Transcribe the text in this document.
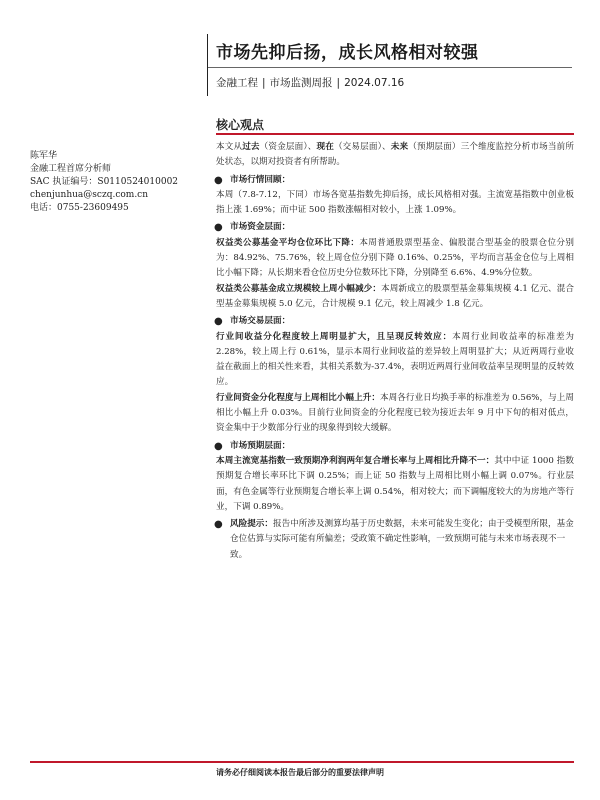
市场先抑后扬，成长风格相对较强
金融工程 | 市场监测周报 | 2024.07.16
核心观点
陈军华
金融工程首席分析师
SAC 执证编号：S0110524010002
chenjunhua@sczq.com.cn
电话：0755-23609495

本文从过去（资金层面）、现在（交易层面）、未来（预期层面）三个维度监控分析市场当前所处状态，以期对投资者有所帮助。

● 市场行情回顾：

本周（7.8-7.12，下同）市场各宽基指数先抑后扬，成长风格相对强。主流宽基指数中创业板指上涨 1.69%；而中证 500 指数涨幅相对较小，上涨 1.09%。

● 市场资金层面：

权益类公募基金平均仓位环比下降：本周普通股票型基金、偏股混合型基金的股票仓位分别为：84.92%、75.76%，较上周仓位分别下降 0.16%、0.25%，平均而言基金仓位与上周相比小幅下降；从长期来看仓位历史分位数环比下降，分别降至 6.6%、4.9%分位数。

权益类公募基金成立规模较上周小幅减少：本周新成立的股票型基金募集规模 4.1 亿元、混合型基金募集规模 5.0 亿元，合计规模 9.1 亿元，较上周减少 1.8 亿元。

● 市场交易层面：

行业间收益分化程度较上周明显扩大，且呈现反转效应：本周行业间收益率的标准差为 2.28%，较上周上行 0.61%，显示本周行业间收益的差异较上周明显扩大；从近两周行业收益在截面上的相关性来看，其相关系数为-37.4%，表明近两周行业间收益率呈现明显的反转效应。

行业间资金分化程度与上周相比小幅上升：本周各行业日均换手率的标准差为 0.56%，与上周相比小幅上升 0.03%。目前行业间资金的分化程度已较为接近去年 9 月中下旬的相对低点，资金集中于少数部分行业的现象得到较大缓解。

● 市场预期层面：

本周主流宽基指数一致预期净利润两年复合增长率与上周相比升降不一：其中中证 1000 指数预期复合增长率环比下调 0.25%；而上证 50 指数与上周相比则小幅上调 0.07%。行业层面，有色金属等行业预期复合增长率上调 0.54%，相对较大；而下调幅度较大的为房地产等行业，下调 0.89%。

● 风险提示：报告中所涉及测算均基于历史数据，未来可能发生变化；由于受模型所限，基金仓位估算与实际可能有所偏差；受政策不确定性影响，一致预期可能与未来市场表现不一致。
请务必仔细阅读本报告最后部分的重要法律声明
